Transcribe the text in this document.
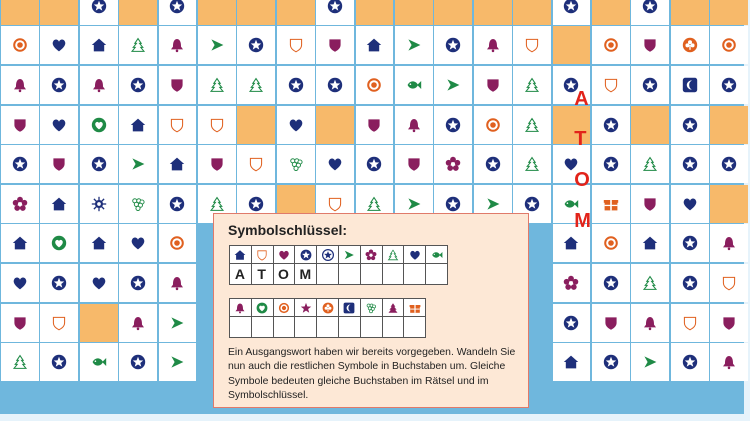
A
T
O
M
Symbolschlüssel:
A T O M
Ein Ausgangswort haben wir bereits vorgegeben. Wandeln Sie nun auch die restlichen Symbole in Buchstaben um. Gleiche Symbole bedeuten gleiche Buchstaben im Rätsel und im Symbolschlüssel.
